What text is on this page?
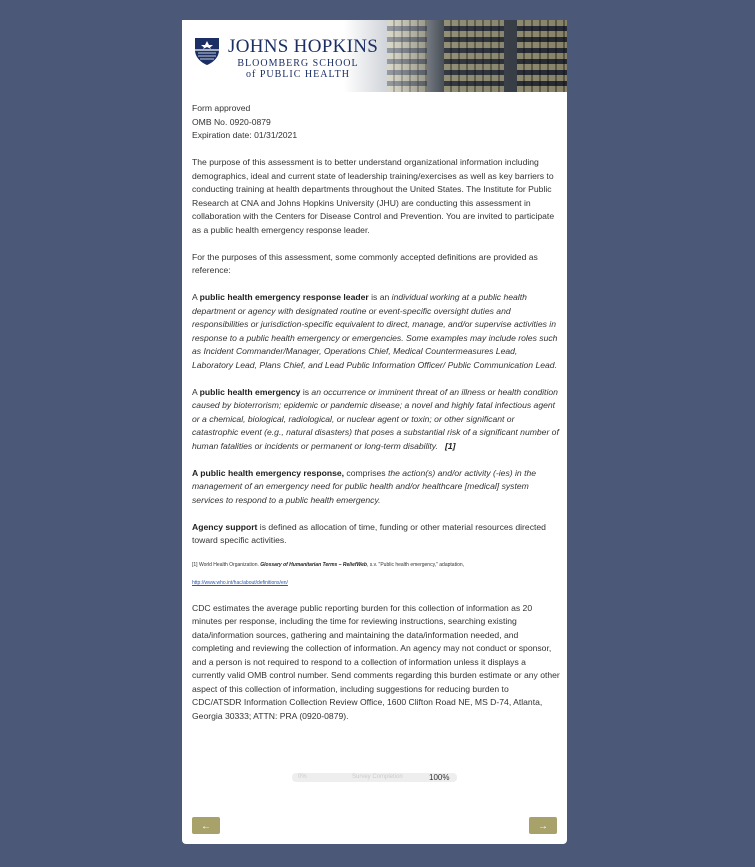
JOHNS HOPKINS
BLOOMBERG SCHOOL
of PUBLIC HEALTH

Form approved
OMB No. 0920-0879
Expiration date: 01/31/2021

The purpose of this assessment is to better understand organizational information including demographics, ideal and current state of leadership training/exercises as well as key barriers to conducting training at health departments throughout the United States. The Institute for Public Research at CNA and Johns Hopkins University (JHU) are conducting this assessment in collaboration with the Centers for Disease Control and Prevention. You are invited to participate as a public health emergency response leader.

For the purposes of this assessment, some commonly accepted definitions are provided as reference:

A public health emergency response leader is an individual working at a public health department or agency with designated routine or event-specific oversight duties and responsibilities or jurisdiction-specific equivalent to direct, manage, and/or supervise activities in response to a public health emergency or emergencies. Some examples may include roles such as Incident Commander/Manager, Operations Chief, Medical Countermeasures Lead, Laboratory Lead, Plans Chief, and Lead Public Information Officer/ Public Communication Lead.

A public health emergency is an occurrence or imminent threat of an illness or health condition caused by bioterrorism; epidemic or pandemic disease; a novel and highly fatal infectious agent or a chemical, biological, radiological, or nuclear agent or toxin; or other significant or catastrophic event (e.g., natural disasters) that poses a substantial risk of a significant number of human fatalities or incidents or permanent or long-term disability. [1]

A public health emergency response, comprises the action(s) and/or activity (-ies) in the management of an emergency need for public health and/or healthcare [medical] system services to respond to a public health emergency.

Agency support is defined as allocation of time, funding or other material resources directed toward specific activities.

[1] World Health Organization. Glossary of Humanitarian Terms – ReliefWeb, s.v. "Public health emergency," adaptation,

http://www.who.int/hac/about/definitions/en/

CDC estimates the average public reporting burden for this collection of information as 20 minutes per response, including the time for reviewing instructions, searching existing data/information sources, gathering and maintaining the data/information needed, and completing and reviewing the collection of information. An agency may not conduct or sponsor, and a person is not required to respond to a collection of information unless it displays a currently valid OMB control number. Send comments regarding this burden estimate or any other aspect of this collection of information, including suggestions for reducing burden to CDC/ATSDR Information Collection Review Office, 1600 Clifton Road NE, MS D-74, Atlanta, Georgia 30333; ATTN: PRA (0920-0879).

0%	Survey Completion	100%
←	→
